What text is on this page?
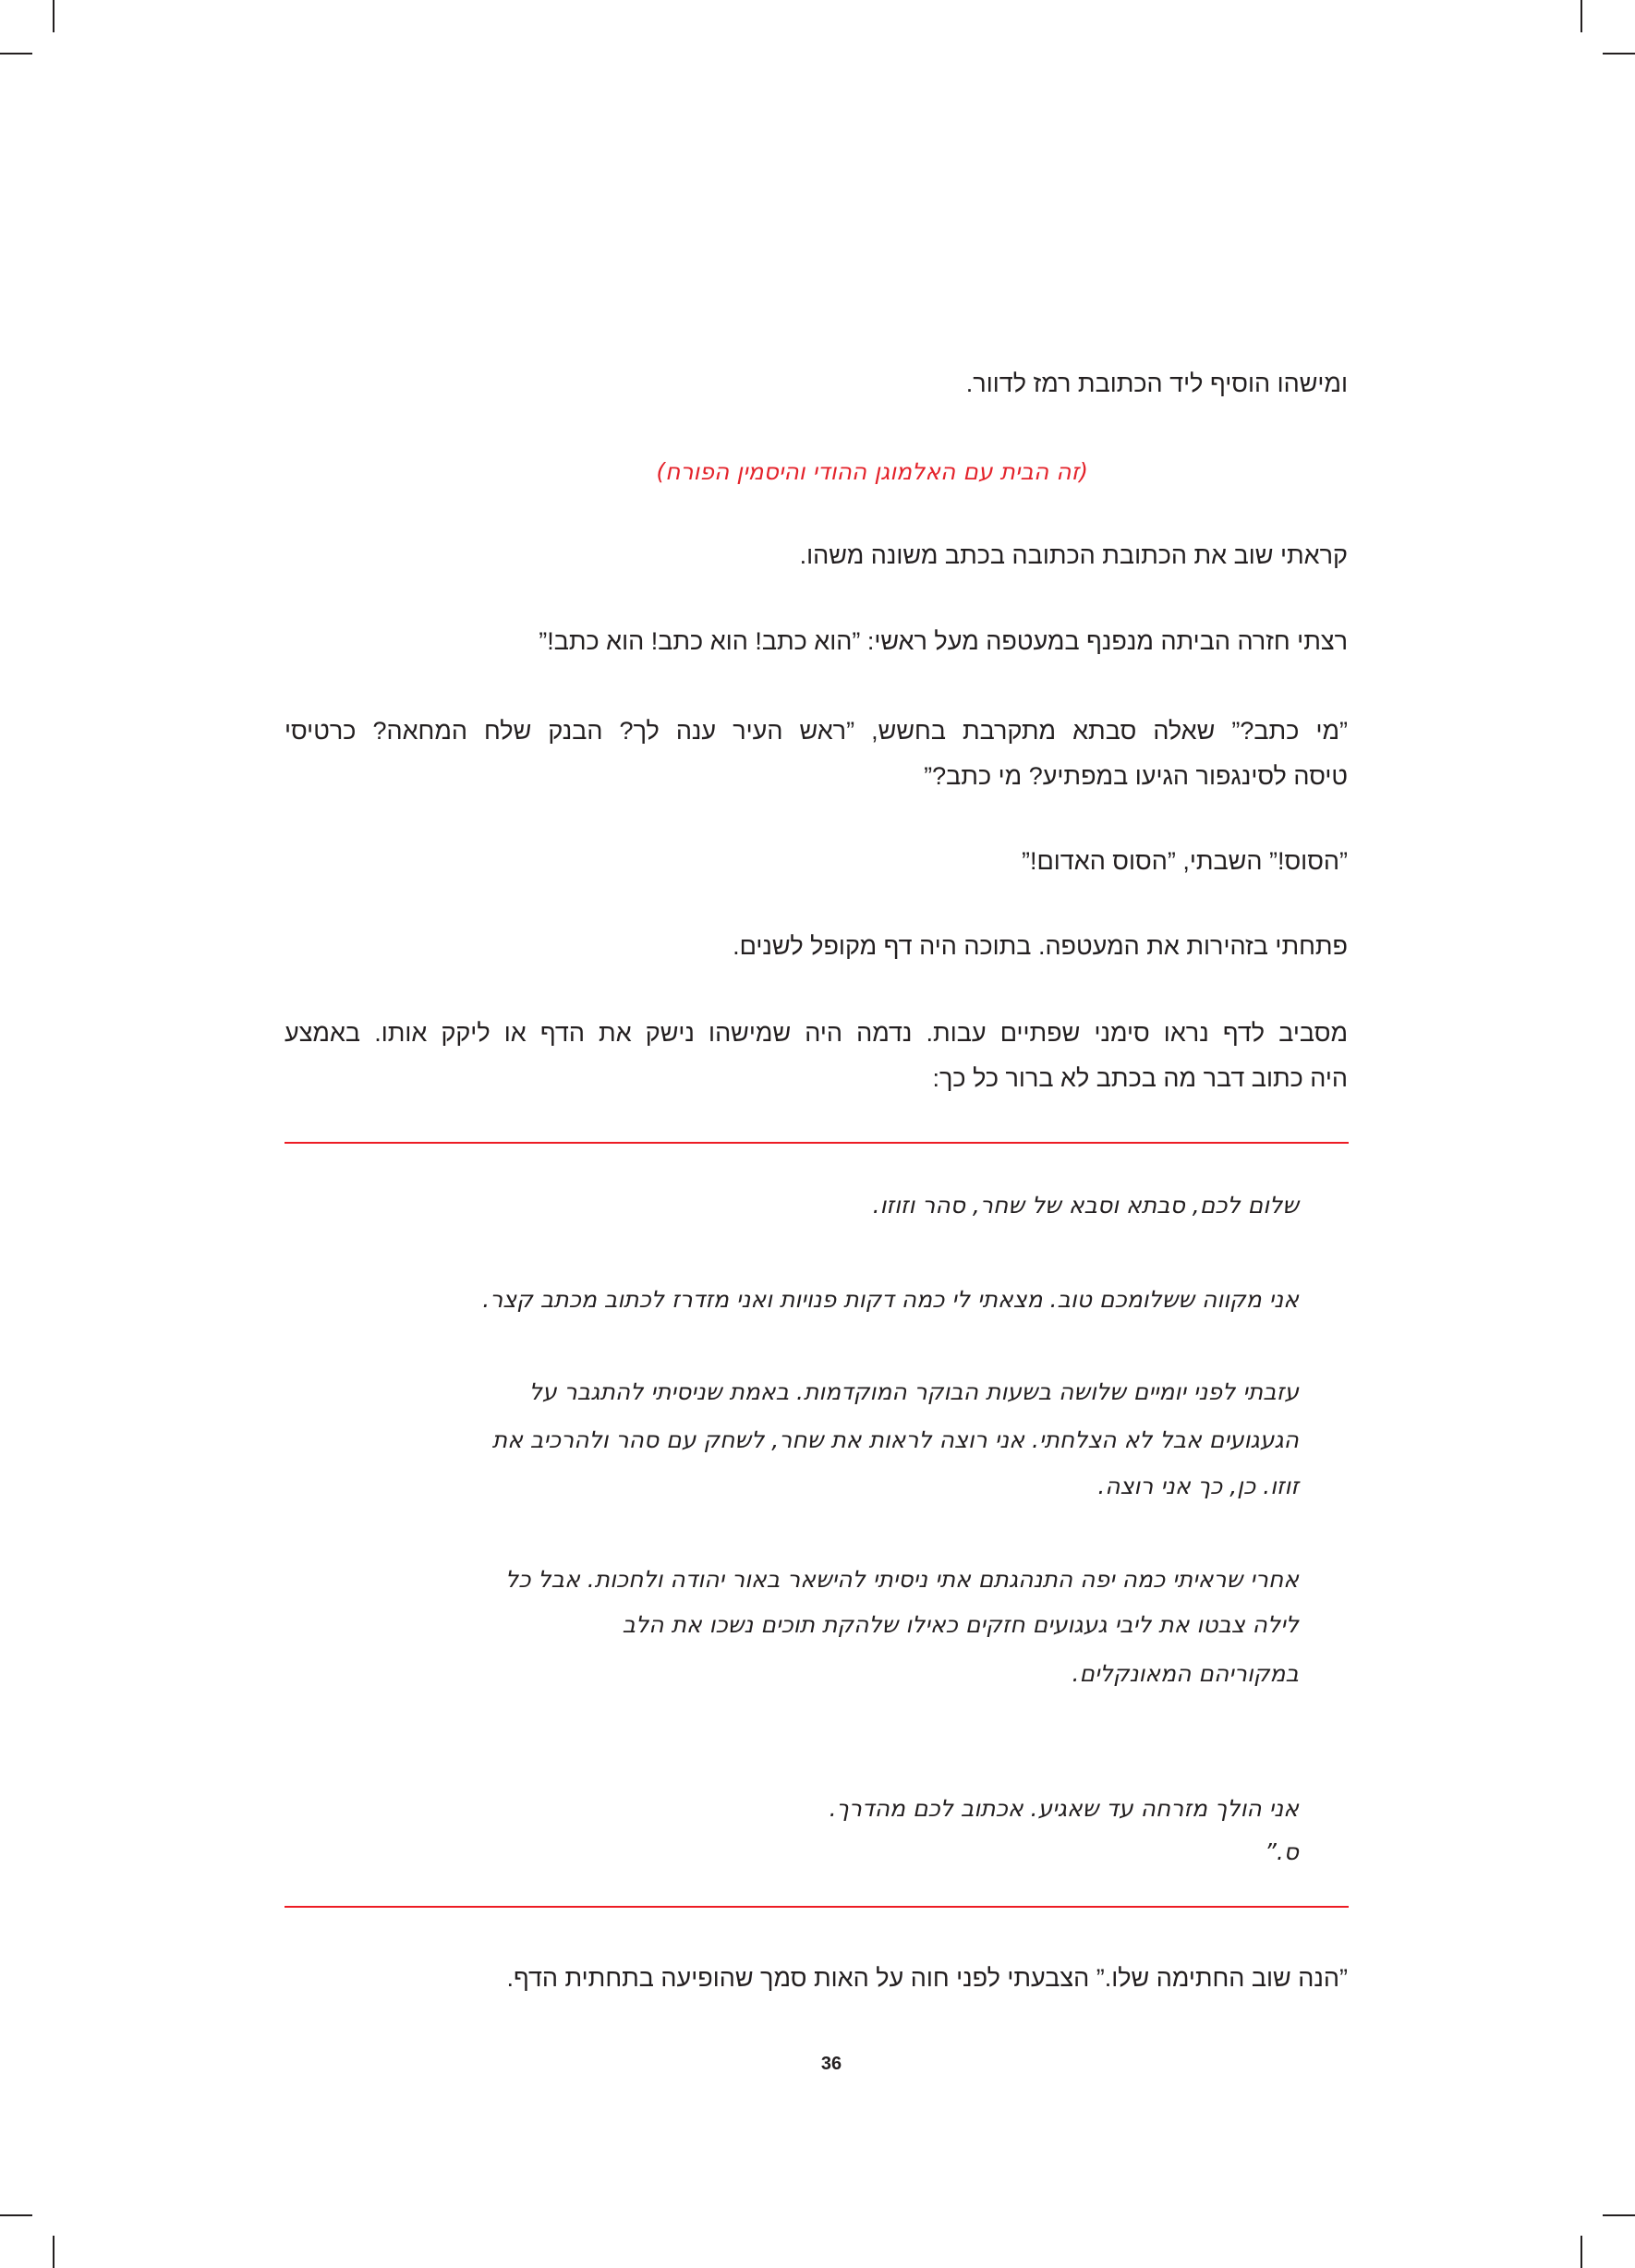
ומישהו הוסיף ליד הכתובת רמז לדוור.
(זה הבית עם האלמוגן ההודי והיסמין הפורח)
קראתי שוב את הכתובת הכתובה בכתב משונה משהו.
רצתי חזרה הביתה מנפנף במעטפה מעל ראשי: ”הוא כתב! הוא כתב! הוא כתב!”
”מי כתב?” שאלה סבתא מתקרבת בחשש, ”ראש העיר ענה לך? הבנק שלח המחאה? כרטיסי
טיסה לסינגפור הגיעו במפתיע? מי כתב?”
”הסוס!” השבתי, ”הסוס האדום!”
פתחתי בזהירות את המעטפה. בתוכה היה דף מקופל לשנים.
מסביב לדף נראו סימני שפתיים עבות. נדמה היה שמישהו נישק את הדף או ליקק אותו. באמצע
היה כתוב דבר מה בכתב לא ברור כל כך:
שלום לכם, סבתא וסבא של שחר, סהר וזוזו.
אני מקווה ששלומכם טוב. מצאתי לי כמה דקות פנויות ואני מזדרז לכתוב מכתב קצר.
עזבתי לפני יומיים שלושה בשעות הבוקר המוקדמות. באמת שניסיתי להתגבר על
הגעגועים אבל לא הצלחתי. אני רוצה לראות את שחר, לשחק עם סהר ולהרכיב את
זוזו. כן, כך אני רוצה.
אחרי שראיתי כמה יפה התנהגתם אתי ניסיתי להישאר באור יהודה ולחכות. אבל כל
לילה צבטו את ליבי געגועים חזקים כאילו שלהקת תוכים נשכו את הלב
במקוריהם המאונקלים.
אני הולך מזרחה עד שאגיע. אכתוב לכם מהדרך.
ס.”
”הנה שוב החתימה שלו.” הצבעתי לפני חוה על האות סמך שהופיעה בתחתית הדף.
36
